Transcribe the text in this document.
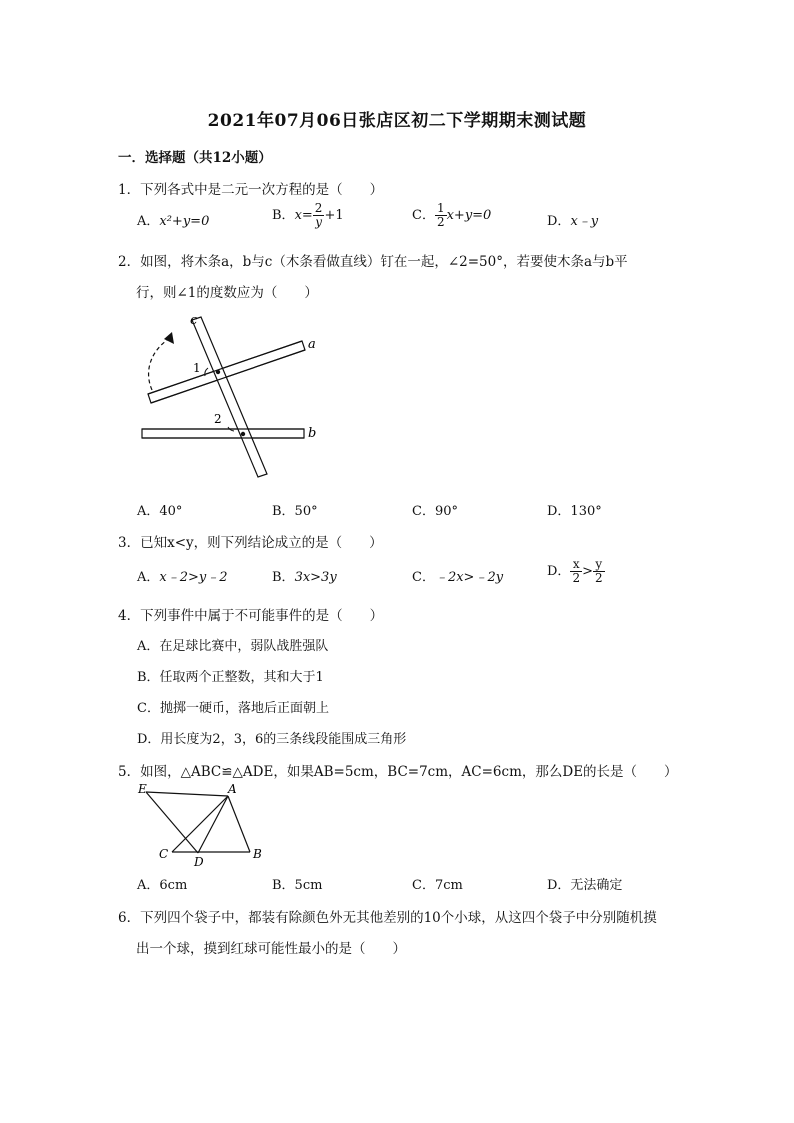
2021年07月06日张店区初二下学期期末测试题
一．选择题（共12小题）
1．下列各式中是二元一次方程的是（　　）
A．x²+y=0	B．$x= \frac{2}{y} +1$	C． $\frac{1}{2} x+y=0$	D．x﹣y
2．如图，将木条a，b与c（木条看做直线）钉在一起，∠2=50°，若要使木条a与b平
行，则∠1的度数应为（　　）
c
a
b
1
2
A．40°	B．50°	C．90°	D．130°
3．已知x<y，则下列结论成立的是（　　）
A．x﹣2>y﹣2	B．3x>3y	C．﹣2x>﹣2y	D． $\frac{x}{2} > \frac{y}{2}$
4．下列事件中属于不可能事件的是（　　）
A．在足球比赛中，弱队战胜强队
B．任取两个正整数，其和大于1
C．抛掷一硬币，落地后正面朝上
D．用长度为2，3，6的三条线段能围成三角形
5．如图，△ABC≌△ADE，如果AB=5cm，BC=7cm，AC=6cm，那么DE的长是（　　）
E	A
C
D
B
A．6cm	B．5cm	C．7cm	D．无法确定
6．下列四个袋子中，都装有除颜色外无其他差别的10个小球，从这四个袋子中分别随机摸
出一个球，摸到红球可能性最小的是（　　）
